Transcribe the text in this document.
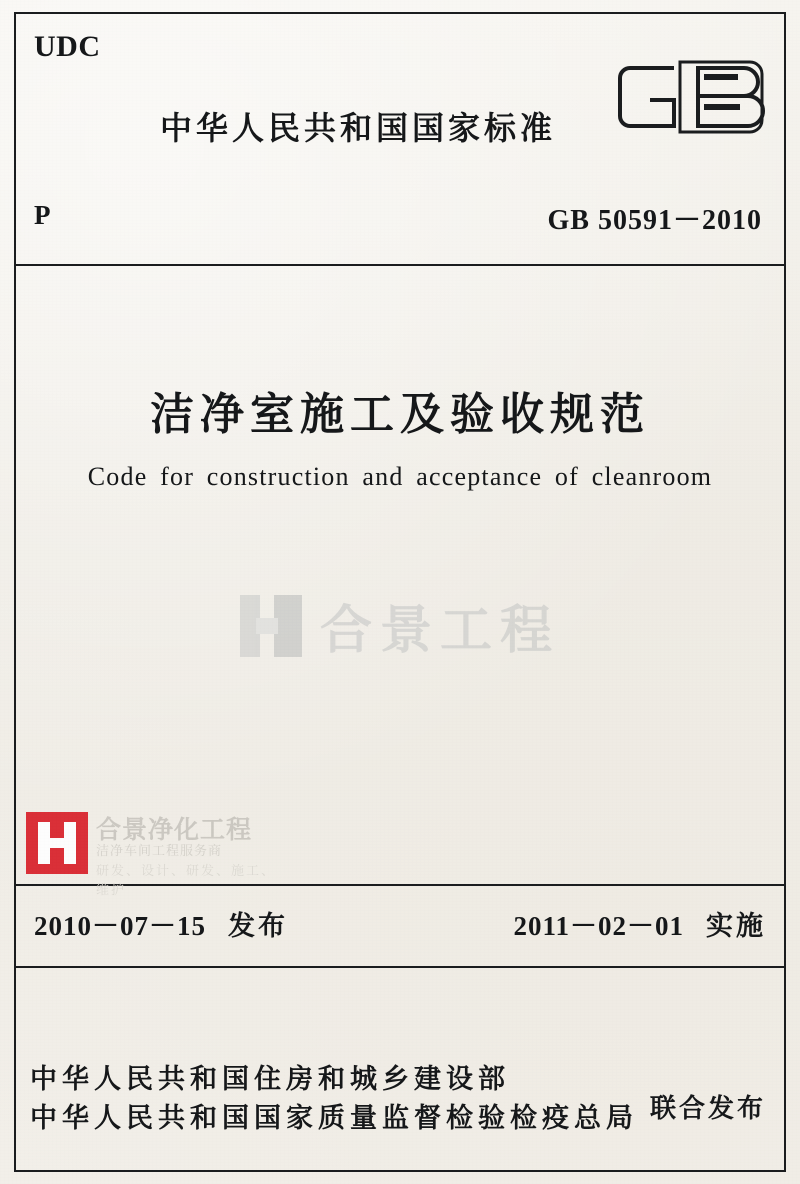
UDC
P
中华人民共和国国家标准
GB 50591－2010
洁净室施工及验收规范
Code for construction and acceptance of cleanroom
合景工程
合景净化工程
洁净车间工程服务商
研发、设计、研发、施工、维护
2010－07－15 发布	2011－02－01 实施
中华人民共和国住房和城乡建设部
中华人民共和国国家质量监督检验检疫总局 联合发布
